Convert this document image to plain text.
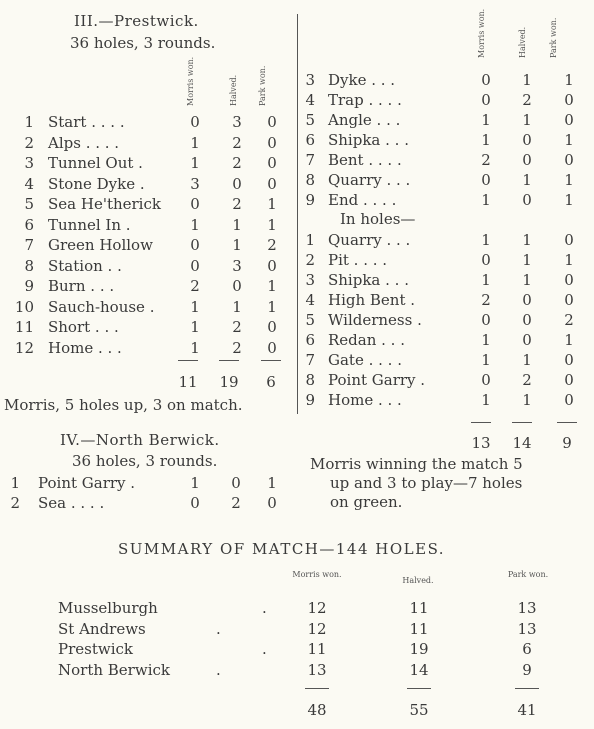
III.—Prestwick.
36 holes, 3 rounds.
Morris won.	Halved.	Park won.
1 Start . . . .	0	3	0
2 Alps . . . .	1	2	0
3 Tunnel Out .	1	2	0
4 Stone Dyke .	3	0	0
5 Sea He'therick	0	2	1
6 Tunnel In .	1	1	1
7 Green Hollow	0	1	2
8 Station . .	0	3	0
9 Burn . . .	2	0	1
10 Sauch-house .	1	1	1
11 Short . . .	1	2	0
12 Home . . .	1	2	0
11 19	6
Morris, 5 holes up, 3 on match.
IV.—North Berwick.
36 holes, 3 rounds.
1 Point Garry .	1	0	1
2 Sea . . . .	0	2	0
Morris won.	Halved.	Park won.
3 Dyke . . .	0	1	1
4 Trap . . . .	0	2	0
5 Angle . . .	1	1	0
6 Shipka . . .	1	0	1
7 Bent . . . .	2	0	0
8 Quarry . . .	0	1	1
9 End . . . .	1	0	1
In holes—
1 Quarry . . .	1	1	0
2 Pit . . . .	0	1	1
3 Shipka . . .	1	1	0
4 High Bent .	2	0	0
5 Wilderness .	0	0	2
6 Redan . . .	1	0	1
7 Gate . . . .	1	1	0
8 Point Garry .	0	2	0
9 Home . . .	1	1	0
13 14	9
Morris winning the match 5
up and 3 to play—7 holes
on green.
SUMMARY OF MATCH—144 HOLES.
Morris won.
Halved.
Park won.
Musselburgh	.	12	11	13
St Andrews	.	12	11	13
Prestwick	.	11	19	6
North Berwick	.	13	14	9
48	55	41
